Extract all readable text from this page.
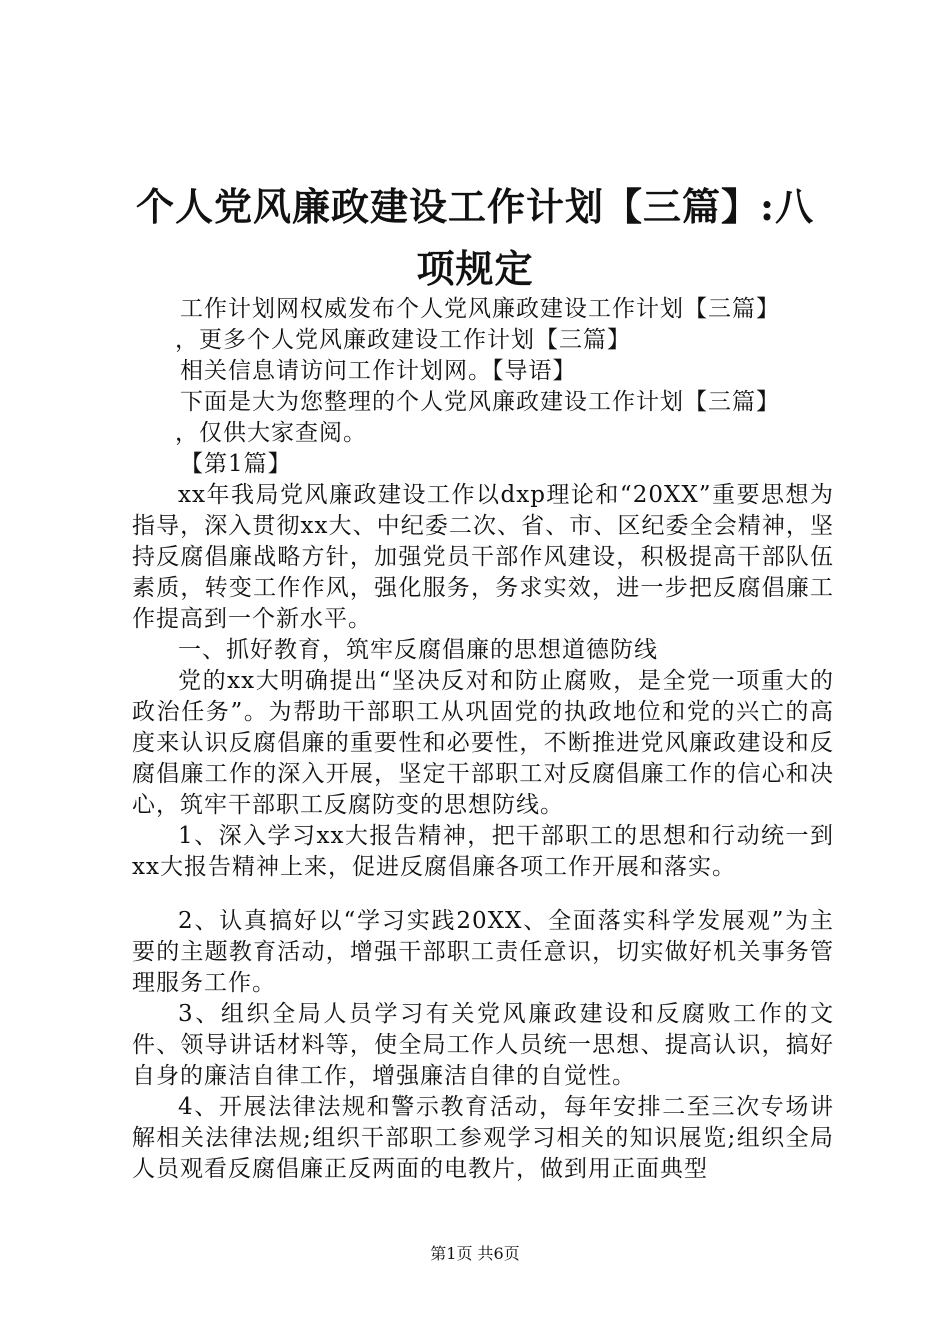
个人党风廉政建设工作计划【三篇】:八项规定

工作计划网权威发布个人党风廉政建设工作计划【三篇】

，更多个人党风廉政建设工作计划【三篇】

相关信息请访问工作计划网。【导语】

下面是大为您整理的个人党风廉政建设工作计划【三篇】

，仅供大家查阅。

【第1篇】

xx年我局党风廉政建设工作以dxp理论和“20XX”重要思想为指导，深入贯彻xx大、中纪委二次、省、市、区纪委全会精神，坚持反腐倡廉战略方针，加强党员干部作风建设，积极提高干部队伍素质，转变工作作风，强化服务，务求实效，进一步把反腐倡廉工作提高到一个新水平。

一、抓好教育，筑牢反腐倡廉的思想道德防线

党的xx大明确提出“坚决反对和防止腐败，是全党一项重大的政治任务”。为帮助干部职工从巩固党的执政地位和党的兴亡的高度来认识反腐倡廉的重要性和必要性，不断推进党风廉政建设和反腐倡廉工作的深入开展，坚定干部职工对反腐倡廉工作的信心和决心，筑牢干部职工反腐防变的思想防线。

1、深入学习xx大报告精神，把干部职工的思想和行动统一到xx大报告精神上来，促进反腐倡廉各项工作开展和落实。

2、认真搞好以“学习实践20XX、全面落实科学发展观”为主要的主题教育活动，增强干部职工责任意识，切实做好机关事务管理服务工作。

3、组织全局人员学习有关党风廉政建设和反腐败工作的文件、领导讲话材料等，使全局工作人员统一思想、提高认识，搞好自身的廉洁自律工作，增强廉洁自律的自觉性。

4、开展法律法规和警示教育活动，每年安排二至三次专场讲解相关法律法规;组织干部职工参观学习相关的知识展览;组织全局人员观看反腐倡廉正反两面的电教片，做到用正面典型

第1页 共6页
